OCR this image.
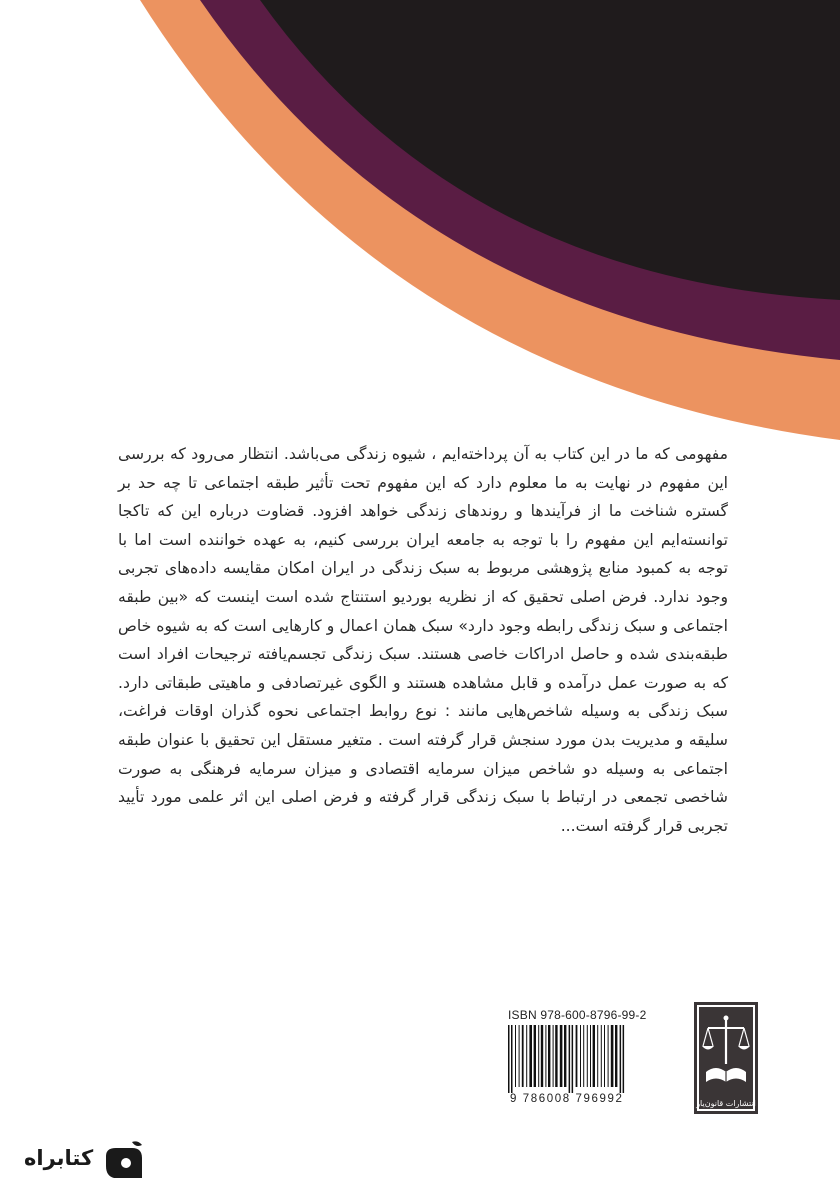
مفهومی که ما در این کتاب به آن پرداخته‌ایم ، شیوه زندگی می‌باشد. انتظار می‌رود که بررسی این مفهوم در نهایت به ما معلوم دارد که این مفهوم تحت تأثیر طبقه اجتماعی تا چه حد بر گستره شناخت ما از فرآیندها و روندهای زندگی خواهد افزود. قضاوت درباره این که تاکجا توانسته‌ایم این مفهوم را با توجه به جامعه ایران بررسی کنیم، به عهده خواننده است اما با توجه به کمبود منابع پژوهشی مربوط به سبک زندگی در ایران امکان مقایسه داده‌های تجربی وجود ندارد. فرض اصلی تحقیق که از نظریه بوردیو استنتاج شده است اینست که «بین طبقه اجتماعی و سبک زندگی رابطه وجود دارد» سبک همان اعمال و کارهایی است که به شیوه خاص طبقه‌بندی شده و حاصل ادراکات خاصی هستند. سبک زندگی تجسم‌یافته ترجیحات افراد است که به صورت عمل درآمده و قابل مشاهده هستند و الگوی غیرتصادفی و ماهیتی طبقاتی دارد. سبک زندگی به وسیله شاخص‌هایی مانند : نوع روابط اجتماعی نحوه گذران اوقات فراغت، سلیقه و مدیریت بدن مورد سنجش قرار گرفته است . متغیر مستقل این تحقیق با عنوان طبقه اجتماعی به وسیله دو شاخص میزان سرمایه اقتصادی و میزان سرمایه فرهنگی به صورت شاخصی تجمعی در ارتباط با سبک زندگی قرار گرفته و فرض اصلی این اثر علمی مورد تأیید تجربی قرار گرفته است...

ISBN 978-600-8796-99-2
9 786008 796992	انتشارات قانون‌یار
کتابراه
